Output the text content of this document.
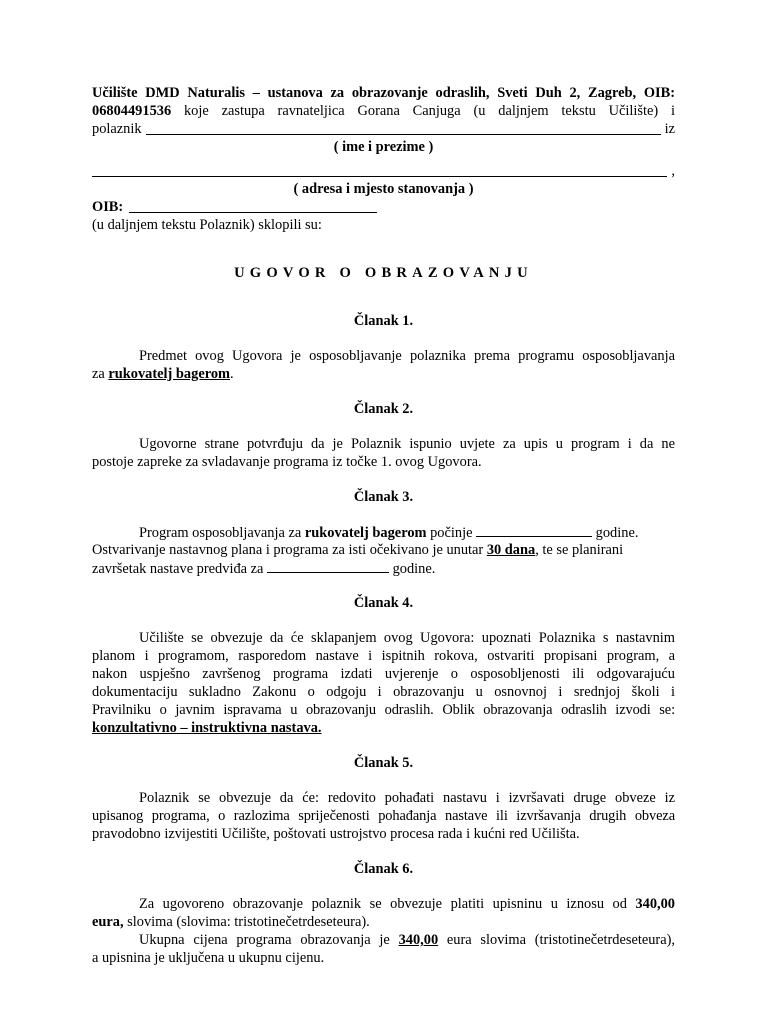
Učilište DMD Naturalis – ustanova za obrazovanje odraslih, Sveti Duh 2, Zagreb, OIB:
06804491536 koje zastupa ravnateljica Gorana Canjuga (u daljnjem tekstu Učilište) i
polaznik	iz
( ime i prezime )
,
( adresa i mjesto stanovanja )
OIB:
(u daljnjem tekstu Polaznik) sklopili su:
UGOVOR O OBRAZOVANJU
Članak 1.
Predmet ovog Ugovora je osposobljavanje polaznika prema programu osposobljavanja
za rukovatelj bagerom.
Članak 2.
Ugovorne strane potvrđuju da je Polaznik ispunio uvjete za upis u program i da ne
postoje zapreke za svladavanje programa iz točke 1. ovog Ugovora.
Članak 3.
Program osposobljavanja za rukovatelj bagerom počinje	godine.
Ostvarivanje nastavnog plana i programa za isti očekivano je unutar 30 dana, te se planirani
završetak nastave predviđa za	godine.
Članak 4.
Učilište se obvezuje da će sklapanjem ovog Ugovora: upoznati Polaznika s nastavnim
planom i programom, rasporedom nastave i ispitnih rokova, ostvariti propisani program, a
nakon uspješno završenog programa izdati uvjerenje o osposobljenosti ili odgovarajuću
dokumentaciju sukladno Zakonu o odgoju i obrazovanju u osnovnoj i srednjoj školi i
Pravilniku o javnim ispravama u obrazovanju odraslih. Oblik obrazovanja odraslih izvodi se:
konzultativno – instruktivna nastava.
Članak 5.
Polaznik se obvezuje da će: redovito pohađati nastavu i izvršavati druge obveze iz
upisanog programa, o razlozima spriječenosti pohađanja nastave ili izvršavanja drugih obveza
pravodobno izvijestiti Učilište, poštovati ustrojstvo procesa rada i kućni red Učilišta.
Članak 6.
Za ugovoreno obrazovanje polaznik se obvezuje platiti upisninu u iznosu od 340,00
eura, slovima (slovima: tristotinečetrdeseteura).
Ukupna cijena programa obrazovanja je 340,00 eura slovima (tristotinečetrdeseteura),
a upisnina je uključena u ukupnu cijenu.
